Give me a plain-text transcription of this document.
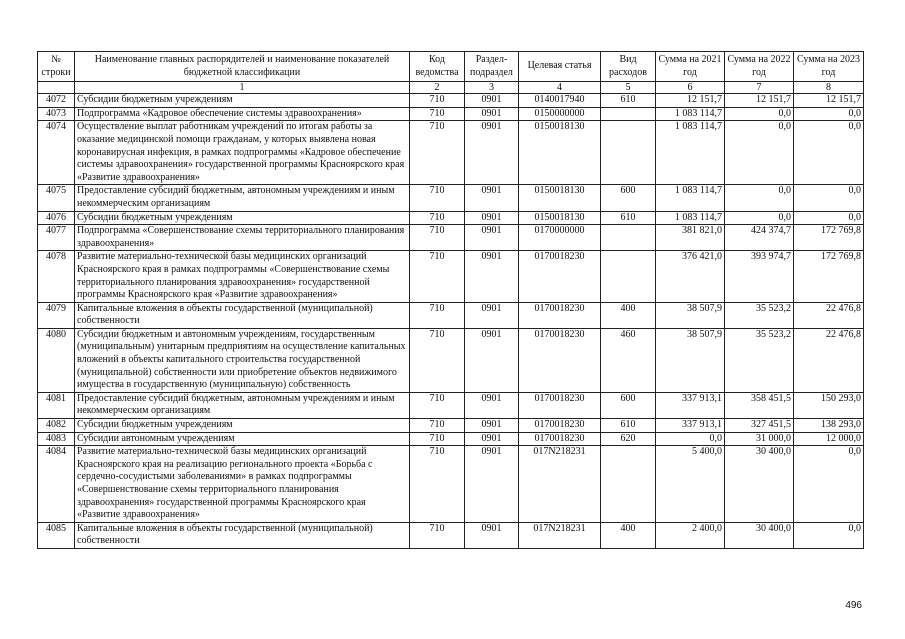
№ строки	Наименование главных распорядителей и наименование показателей бюджетной классификации	Код ведомства	Раздел-подраздел	Целевая статья	Вид расходов	Сумма на 2021 год	Сумма на 2022 год	Сумма на 2023 год
	1	2	3	4	5	6	7	8
4072	Субсидии бюджетным учреждениям	710	0901	0140017940	610	12 151,7	12 151,7	12 151,7
4073	Подпрограмма «Кадровое обеспечение системы здравоохранения»	710	0901	0150000000		1 083 114,7	0,0	0,0
4074	Осуществление выплат работникам учреждений по итогам работы за оказание медицинской помощи гражданам, у которых выявлена новая коронавирусная инфекция, в рамках подпрограммы «Кадровое обеспечение системы здравоохранения» государственной программы Красноярского края «Развитие здравоохранения»	710	0901	0150018130		1 083 114,7	0,0	0,0
4075	Предоставление субсидий бюджетным, автономным учреждениям и иным некоммерческим организациям	710	0901	0150018130	600	1 083 114,7	0,0	0,0
4076	Субсидии бюджетным учреждениям	710	0901	0150018130	610	1 083 114,7	0,0	0,0
4077	Подпрограмма «Совершенствование схемы территориального планирования здравоохранения»	710	0901	0170000000		381 821,0	424 374,7	172 769,8
4078	Развитие материально-технической базы медицинских организаций Красноярского края в рамках подпрограммы «Совершенствование схемы территориального планирования здравоохранения» государственной программы Красноярского края «Развитие здравоохранения»	710	0901	0170018230		376 421,0	393 974,7	172 769,8
4079	Капитальные вложения в объекты государственной (муниципальной) собственности	710	0901	0170018230	400	38 507,9	35 523,2	22 476,8
4080	Субсидии бюджетным и автономным учреждениям, государственным (муниципальным) унитарным предприятиям на осуществление капитальных вложений в объекты капитального строительства государственной (муниципальной) собственности или приобретение объектов недвижимого имущества в государственную (муниципальную) собственность	710	0901	0170018230	460	38 507,9	35 523,2	22 476,8
4081	Предоставление субсидий бюджетным, автономным учреждениям и иным некоммерческим организациям	710	0901	0170018230	600	337 913,1	358 451,5	150 293,0
4082	Субсидии бюджетным учреждениям	710	0901	0170018230	610	337 913,1	327 451,5	138 293,0
4083	Субсидии автономным учреждениям	710	0901	0170018230	620	0,0	31 000,0	12 000,0
4084	Развитие материально-технической базы медицинских организаций Красноярского края на реализацию регионального проекта «Борьба с сердечно-сосудистыми заболеваниями» в рамках подпрограммы «Совершенствование схемы территориального планирования здравоохранения» государственной программы Красноярского края «Развитие здравоохранения»	710	0901	017N218231		5 400,0	30 400,0	0,0
4085	Капитальные вложения в объекты государственной (муниципальной) собственности	710	0901	017N218231	400	2 400,0	30 400,0	0,0
496
